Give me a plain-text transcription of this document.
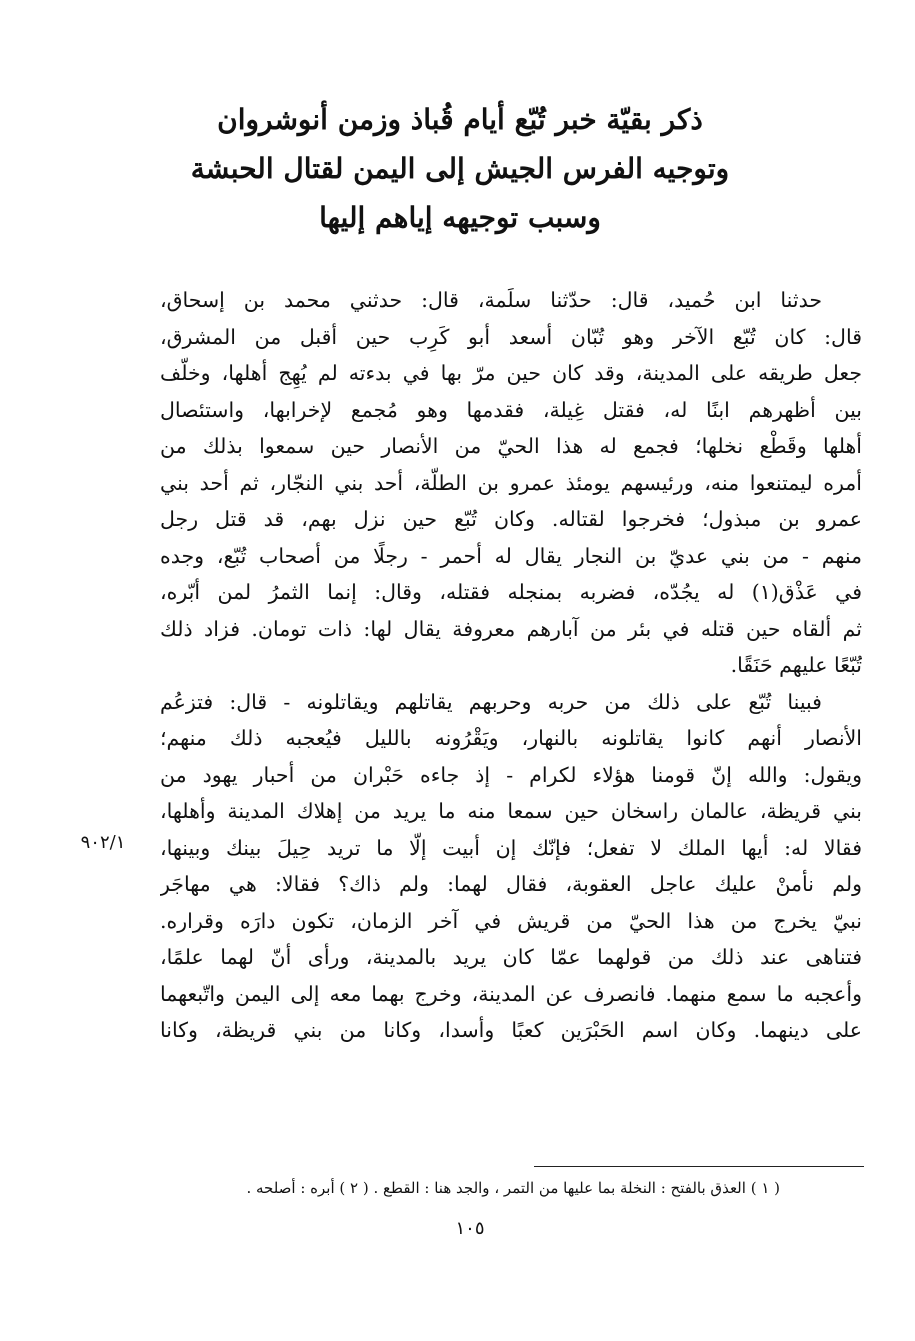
ذكر بقيّة خبر تُبّع أيام قُباذ وزمن أنوشروان
وتوجيه الفرس الجيش إلى اليمن لقتال الحبشة
وسبب توجيهه إياهم إليها
حدثنا ابن حُميد، قال: حدّثنا سلَمة، قال: حدثني محمد بن إسحاق،
قال: كان تُبّع الآخر وهو تُبّان أسعد أبو كَرِب حين أقبل من المشرق،
جعل طريقه على المدينة، وقد كان حين مرّ بها في بدءته لم يُهِج أهلها، وخلّف
بين أظهرهم ابنًا له، فقتل غِيلة، فقدمها وهو مُجمع لإخرابها، واستئصال
أهلها وقَطْع نخلها؛ فجمع له هذا الحيّ من الأنصار حين سمعوا بذلك من
أمره ليمتنعوا منه، ورئيسهم يومئذ عمرو بن الطلّة، أحد بني النجّار، ثم أحد بني
عمرو بن مبذول؛ فخرجوا لقتاله. وكان تُبّع حين نزل بهم، قد قتل رجل
منهم - من بني عديّ بن النجار يقال له أحمر - رجلًا من أصحاب تُبّع، وجده
في عَذْق(١) له يجُدّه، فضربه بمنجله فقتله، وقال: إنما الثمرُ لمن أبّره،
ثم ألقاه حين قتله في بئر من آبارهم معروفة يقال لها: ذات تومان. فزاد ذلك
تُبّعًا عليهم حَنَقًا.
فبينا تُبّع على ذلك من حربه وحربهم يقاتلهم ويقاتلونه - قال: فتزعُم
الأنصار أنهم كانوا يقاتلونه بالنهار، ويَقْرُونه بالليل فيُعجبه ذلك منهم؛
ويقول: والله إنّ قومنا هؤلاء لكرام - إذ جاءه حَبْران من أحبار يهود من
بني قريظة، عالمان راسخان حين سمعا منه ما يريد من إهلاك المدينة وأهلها،
فقالا له: أيها الملك لا تفعل؛ فإنّك إن أبيت إلّا ما تريد حِيلَ بينك وبينها،
ولم نأمنْ عليك عاجل العقوبة، فقال لهما: ولم ذاك؟ فقالا: هي مهاجَر
نبيّ يخرج من هذا الحيّ من قريش في آخر الزمان، تكون دارَه وقراره.
فتناهى عند ذلك من قولهما عمّا كان يريد بالمدينة، ورأى أنّ لهما علمًا،
وأعجبه ما سمع منهما. فانصرف عن المدينة، وخرج بهما معه إلى اليمن واتّبعهما
على دينهما. وكان اسم الحَبْرَين كعبًا وأسدا، وكانا من بني قريظة، وكانا
٩٠٢/١
( ١ ) العذق بالفتح : النخلة بما عليها من التمر ، والجد هنا : القطع . ( ٢ ) أبره : أصلحه .
١٠٥
